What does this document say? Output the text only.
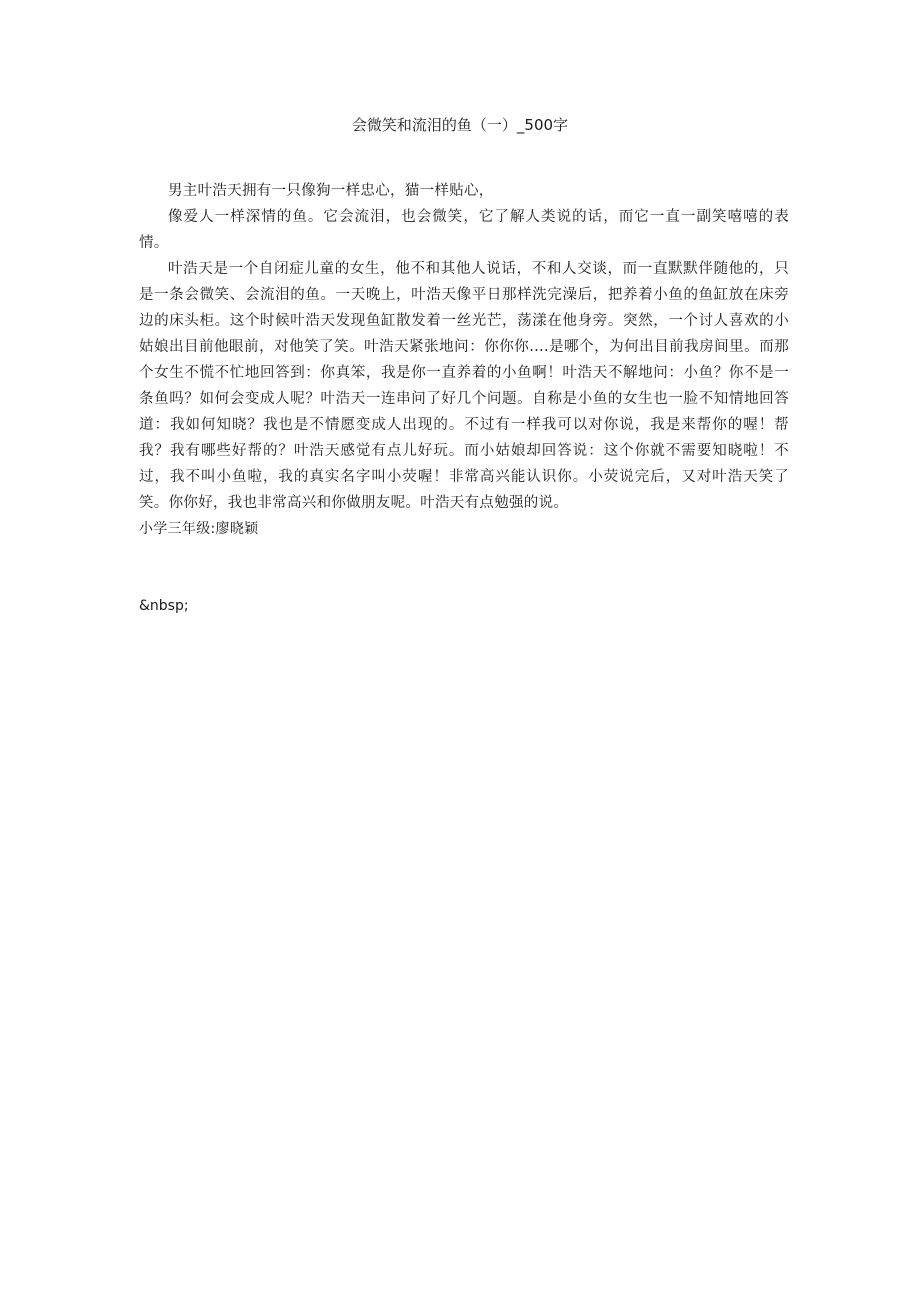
会微笑和流泪的鱼（一）_500字

男主叶浩天拥有一只像狗一样忠心，猫一样贴心，

像爱人一样深情的鱼。它会流泪，也会微笑，它了解人类说的话，而它一直一副笑嘻嘻的表情。

叶浩天是一个自闭症儿童的女生，他不和其他人说话，不和人交谈，而一直默默伴随他的，只是一条会微笑、会流泪的鱼。一天晚上，叶浩天像平日那样洗完澡后，把养着小鱼的鱼缸放在床旁边的床头柜。这个时候叶浩天发现鱼缸散发着一丝光芒，荡漾在他身旁。突然，一个讨人喜欢的小姑娘出目前他眼前，对他笑了笑。叶浩天紧张地问：你你你....是哪个，为何出目前我房间里。而那个女生不慌不忙地回答到：你真笨，我是你一直养着的小鱼啊！叶浩天不解地问：小鱼？你不是一条鱼吗？如何会变成人呢？叶浩天一连串问了好几个问题。自称是小鱼的女生也一脸不知情地回答道：我如何知晓？我也是不情愿变成人出现的。不过有一样我可以对你说，我是来帮你的喔！帮我？我有哪些好帮的？叶浩天感觉有点儿好玩。而小姑娘却回答说：这个你就不需要知晓啦！不过，我不叫小鱼啦，我的真实名字叫小荧喔！非常高兴能认识你。小荧说完后，又对叶浩天笑了笑。你你好，我也非常高兴和你做朋友呢。叶浩天有点勉强的说。

小学三年级:廖晓颖

&nbsp;
